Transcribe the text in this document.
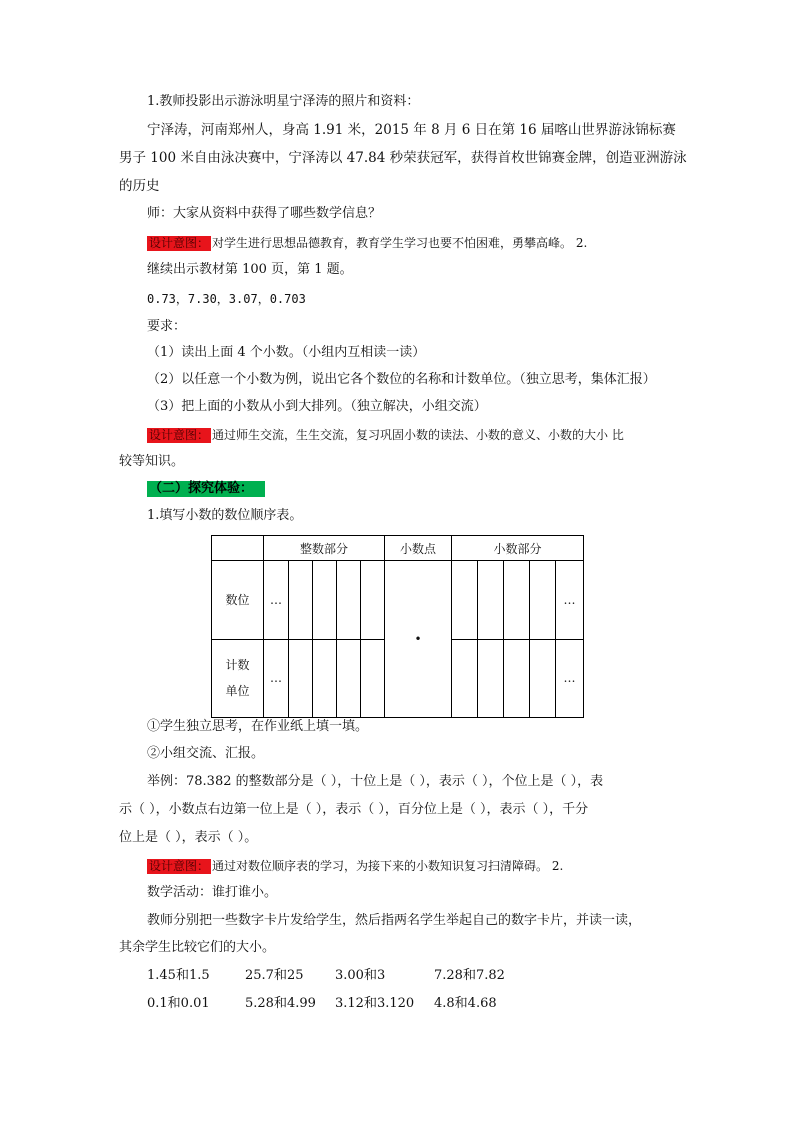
1.教师投影出示游泳明星宁泽涛的照片和资料：
宁泽涛，河南郑州人，身高 1.91 米，2015 年 8 月 6 日在第 16 届喀山世界游泳锦标赛
男子 100 米自由泳决赛中，宁泽涛以 47.84 秒荣获冠军，获得首枚世锦赛金牌，创造亚洲游泳
的历史
师：大家从资料中获得了哪些数学信息？
设计意图： 对学生进行思想品德教育，教育学生学习也要不怕困难，勇攀高峰。 2.
继续出示教材第 100 页，第 1 题。
0.73，7.30，3.07，0.703
要求：
（1）读出上面 4 个小数。（小组内互相读一读）
（2）以任意一个小数为例，说出它各个数位的名称和计数单位。（独立思考，集体汇报）
（3）把上面的小数从小到大排列。（独立解决，小组交流）
设计意图： 通过师生交流，生生交流，复习巩固小数的读法、小数的意义、小数的大小 比
较等知识。
（二）探究体验：
1.填写小数的数位顺序表。
	整数部分					小数点	小数部分				
数位	…					•					…
计数
单位	…										…
①学生独立思考，在作业纸上填一填。
②小组交流、汇报。
举例：78.382 的整数部分是（ ），十位上是（ ），表示（ ），个位上是（ ），表
示（ ），小数点右边第一位上是（ ），表示（ ），百分位上是（ ），表示（ ），千分
位上是（ ），表示（ ）。
设计意图： 通过对数位顺序表的学习，为接下来的小数知识复习扫清障碍。 2.
数学活动：谁打谁小。
教师分别把一些数字卡片发给学生，然后指两名学生举起自己的数字卡片，并读一读，
其余学生比较它们的大小。
1.45和1.5	25.7和25 3.00和3	7.28和7.82
0.1和0.01	5.28和4.99 3.12和3.120 4.8和4.68
